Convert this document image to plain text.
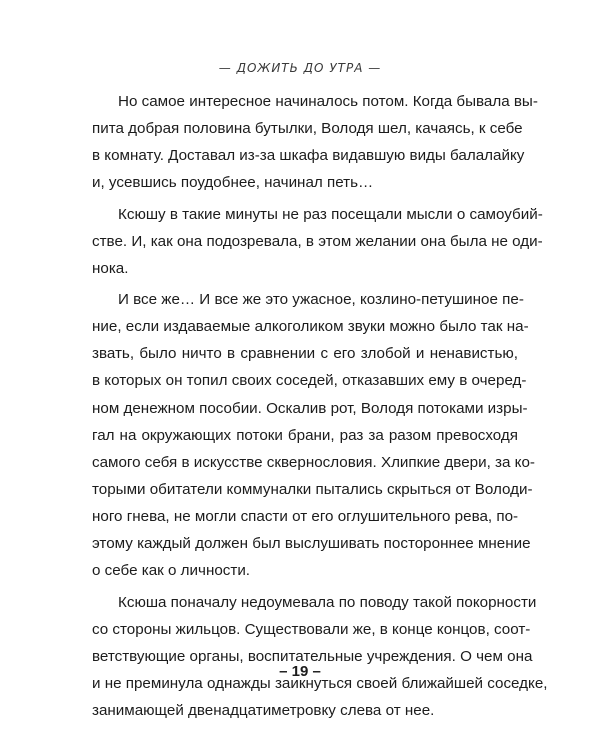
— ДОЖИТЬ ДО УТРА —
Но самое интересное начиналось потом. Когда бывала вы-
пита добрая половина бутылки, Володя шел, качаясь, к себе
в комнату. Доставал из-за шкафа видавшую виды балалайку
и, усевшись поудобнее, начинал петь…
Ксюшу в такие минуты не раз посещали мысли о самоубий-
стве. И, как она подозревала, в этом желании она была не оди-
нока.
И все же… И все же это ужасное, козлино-петушиное пе-
ние, если издаваемые алкоголиком звуки можно было так на-
звать, было ничто в сравнении с его злобой и ненавистью,
в которых он топил своих соседей, отказавших ему в очеред-
ном денежном пособии. Оскалив рот, Володя потоками изры-
гал на окружающих потоки брани, раз за разом превосходя
самого себя в искусстве сквернословия. Хлипкие двери, за ко-
торыми обитатели коммуналки пытались скрыться от Володи-
ного гнева, не могли спасти от его оглушительного рева, по-
этому каждый должен был выслушивать постороннее мнение
о себе как о личности.
Ксюша поначалу недоумевала по поводу такой покорности
со стороны жильцов. Существовали же, в конце концов, соот-
ветствующие органы, воспитательные учреждения. О чем она
и не преминула однажды заикнуться своей ближайшей соседке,
занимающей двенадцатиметровку слева от нее.
– 19 –
